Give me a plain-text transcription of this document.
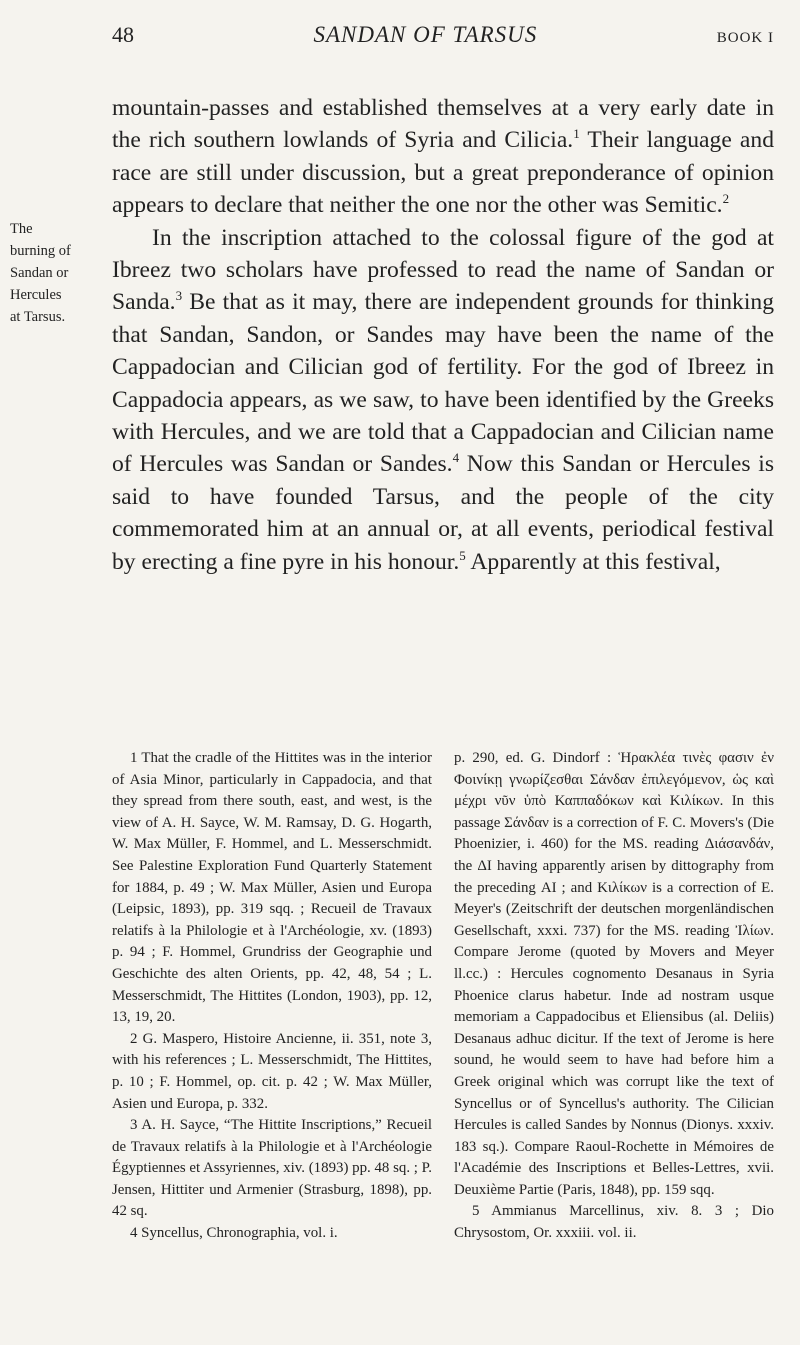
48	SANDAN OF TARSUS	BOOK I
The
burning of
Sandan or
Hercules
at Tarsus.

mountain-passes and established themselves at a very early date in the rich southern lowlands of Syria and Cilicia.$^1$ Their language and race are still under discussion, but a great preponderance of opinion appears to declare that neither the one nor the other was Semitic.$^2$

In the inscription attached to the colossal figure of the god at Ibreez two scholars have professed to read the name of Sandan or Sanda.$^3$ Be that as it may, there are independent grounds for thinking that Sandan, Sandon, or Sandes may have been the name of the Cappadocian and Cilician god of fertility. For the god of Ibreez in Cappadocia appears, as we saw, to have been identified by the Greeks with Hercules, and we are told that a Cappadocian and Cilician name of Hercules was Sandan or Sandes.$^4$ Now this Sandan or Hercules is said to have founded Tarsus, and the people of the city commemorated him at an annual or, at all events, periodical festival by erecting a fine pyre in his honour.$^5$ Apparently at this festival,

1 That the cradle of the Hittites was in the interior of Asia Minor, particularly in Cappadocia, and that they spread from there south, east, and west, is the view of A. H. Sayce, W. M. Ramsay, D. G. Hogarth, W. Max Müller, F. Hommel, and L. Messerschmidt. See Palestine Exploration Fund Quarterly Statement for 1884, p. 49 ; W. Max Müller, Asien und Europa (Leipsic, 1893), pp. 319 sqq. ; Recueil de Travaux relatifs à la Philologie et à l'Archéologie, xv. (1893) p. 94 ; F. Hommel, Grundriss der Geographie und Geschichte des alten Orients, pp. 42, 48, 54 ; L. Messerschmidt, The Hittites (London, 1903), pp. 12, 13, 19, 20.

2 G. Maspero, Histoire Ancienne, ii. 351, note 3, with his references ; L. Messerschmidt, The Hittites, p. 10 ; F. Hommel, op. cit. p. 42 ; W. Max Müller, Asien und Europa, p. 332.

3 A. H. Sayce, “The Hittite Inscriptions,” Recueil de Travaux relatifs à la Philologie et à l'Archéologie Égyptiennes et Assyriennes, xiv. (1893) pp. 48 sq. ; P. Jensen, Hittiter und Armenier (Strasburg, 1898), pp. 42 sq.

4 Syncellus, Chronographia, vol. i.

p. 290, ed. G. Dindorf : Ἡρακλέα τινὲς φασιν ἐν Φοινίκῃ γνωρίζεσθαι Σάνδαν ἐπιλεγόμενον, ὡς καὶ μέχρι νῦν ὑπὸ Καππαδόκων καὶ Κιλίκων. In this passage Σάνδαν is a correction of F. C. Movers's (Die Phoenizier, i. 460) for the MS. reading Διάσανδάν, the ΔΙ having apparently arisen by dittography from the preceding ΑΙ ; and Κιλίκων is a correction of E. Meyer's (Zeitschrift der deutschen morgenländischen Gesellschaft, xxxi. 737) for the MS. reading Ἰλίων. Compare Jerome (quoted by Movers and Meyer ll.cc.) : Hercules cognomento Desanaus in Syria Phoenice clarus habetur. Inde ad nostram usque memoriam a Cappadocibus et Eliensibus (al. Deliis) Desanaus adhuc dicitur. If the text of Jerome is here sound, he would seem to have had before him a Greek original which was corrupt like the text of Syncellus or of Syncellus's authority. The Cilician Hercules is called Sandes by Nonnus (Dionys. xxxiv. 183 sq.). Compare Raoul-Rochette in Mémoires de l'Académie des Inscriptions et Belles-Lettres, xvii. Deuxième Partie (Paris, 1848), pp. 159 sqq.

5 Ammianus Marcellinus, xiv. 8. 3 ; Dio Chrysostom, Or. xxxiii. vol. ii.
